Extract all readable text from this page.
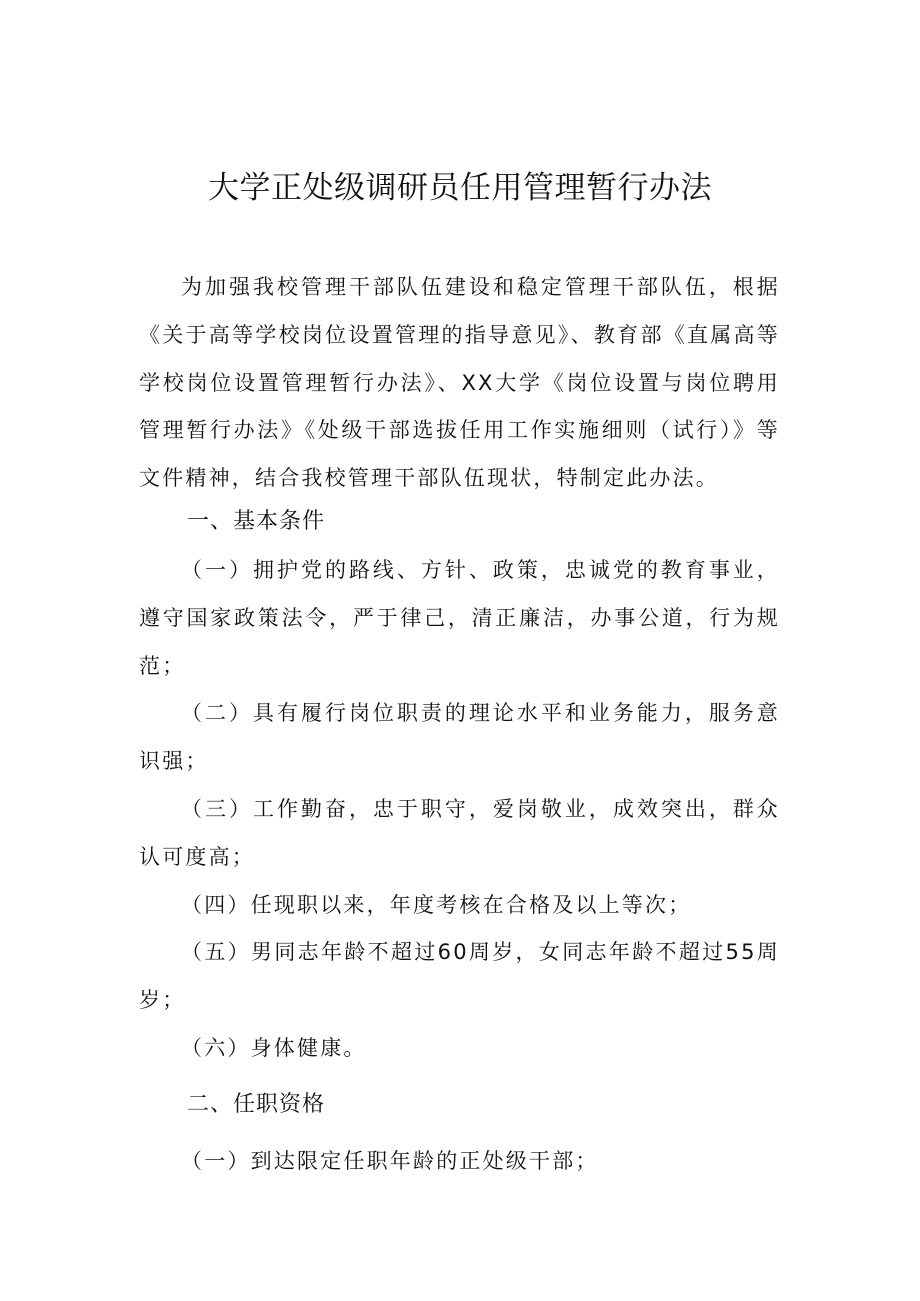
大学正处级调研员任用管理暂行办法

为加强我校管理干部队伍建设和稳定管理干部队伍，根据《关于高等学校岗位设置管理的指导意见》、教育部《直属高等学校岗位设置管理暂行办法》、XX大学《岗位设置与岗位聘用管理暂行办法》《处级干部选拔任用工作实施细则（试行）》等文件精神，结合我校管理干部队伍现状，特制定此办法。

一、基本条件

（一）拥护党的路线、方针、政策，忠诚党的教育事业，遵守国家政策法令，严于律己，清正廉洁，办事公道，行为规范；

（二）具有履行岗位职责的理论水平和业务能力，服务意识强；

（三）工作勤奋，忠于职守，爱岗敬业，成效突出，群众认可度高；

（四）任现职以来，年度考核在合格及以上等次；

（五）男同志年龄不超过60周岁，女同志年龄不超过55周岁；

（六）身体健康。

二、任职资格

（一）到达限定任职年龄的正处级干部；
